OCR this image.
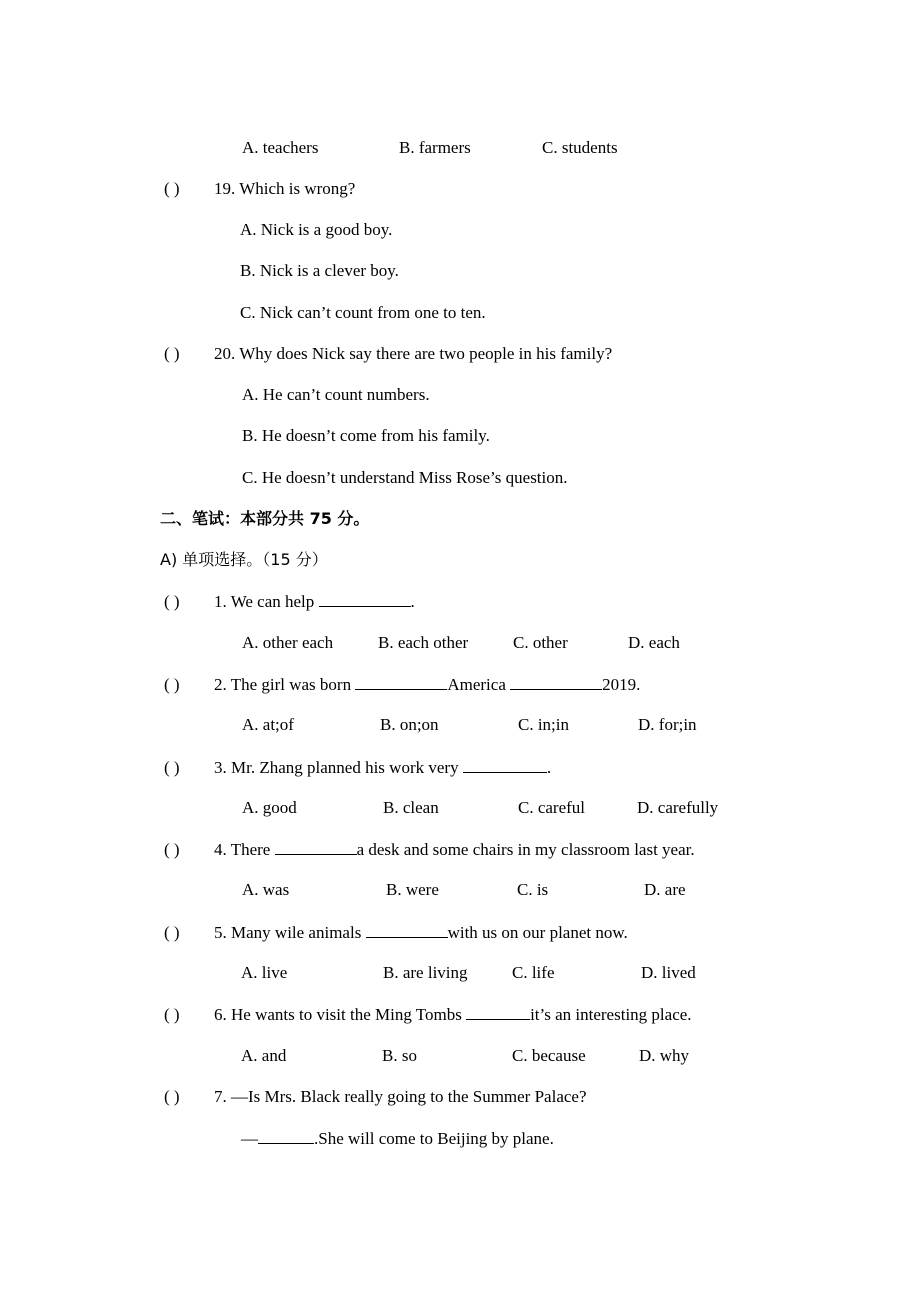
A. teachers	B. farmers	C. students
( ) 19. Which is wrong?
A. Nick is a good boy.
B. Nick is a clever boy.
C. Nick can’t count from one to ten.
( ) 20. Why does Nick say there are two people in his family?
A. He can’t count numbers.
B. He doesn’t come from his family.
C. He doesn’t understand Miss Rose’s question.
二、笔试：本部分共 75 分。
A) 单项选择。（15 分）
( ) 1. We can help	.
A. other each	B. each other	C. other	D. each
( ) 2. The girl was born	America	2019.
A. at;of	B. on;on	C. in;in	D. for;in
( ) 3. Mr. Zhang planned his work very	.
A. good	B. clean	C. careful	D. carefully
( ) 4. There	a desk and some chairs in my classroom last year.
A. was	B. were	C. is	D. are
( ) 5. Many wile animals	with us on our planet now.
A. live	B. are living	C. life	D. lived
( ) 6. He wants to visit the Ming Tombs	it’s an interesting place.
A. and	B. so	C. because	D. why
( ) 7. —Is Mrs. Black really going to the Summer Palace?
—	.She will come to Beijing by plane.
